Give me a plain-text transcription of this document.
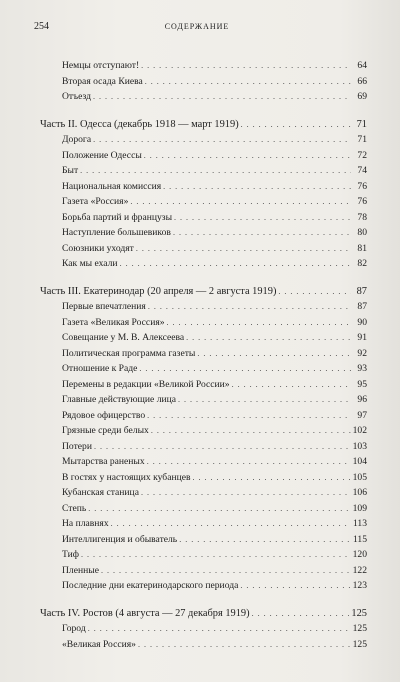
254	СОДЕРЖАНИЕ
Немцы отступают! . . .	64
Вторая осада Киева . . .	66
Отъезд . . .	69
Часть II. Одесса (декабрь 1918 — март 1919) . . .	71
Дорога . . .	71
Положение Одессы . . .	72
Быт . . .	74
Национальная комиссия . . .	76
Газета «Россия» . . .	76
Борьба партий и французы . . .	78
Наступление большевиков . . .	80
Союзники уходят . . .	81
Как мы ехали . . .	82
Часть III. Екатеринодар (20 апреля — 2 августа 1919) . . .	87
Первые впечатления . . .	87
Газета «Великая Россия» . . .	90
Совещание у М. В. Алексеева . . .	91
Политическая программа газеты . . .	92
Отношение к Раде . . .	93
Перемены в редакции «Великой России» . . .	95
Главные действующие лица . . .	96
Рядовое офицерство . . .	97
Грязные среди белых . . .	102
Потери . . .	103
Мытарства раненых . . .	104
В гостях у настоящих кубанцев . . .	105
Кубанская станица . . .	106
Степь . . .	109
На плавнях . . .	113
Интеллигенция и обыватель . . .	115
Тиф . . .	120
Пленные . . .	122
Последние дни екатеринодарского периода . . .	123
Часть IV. Ростов (4 августа — 27 декабря 1919) . . .	125
Город . . .	125
«Великая Россия» . . .	125
